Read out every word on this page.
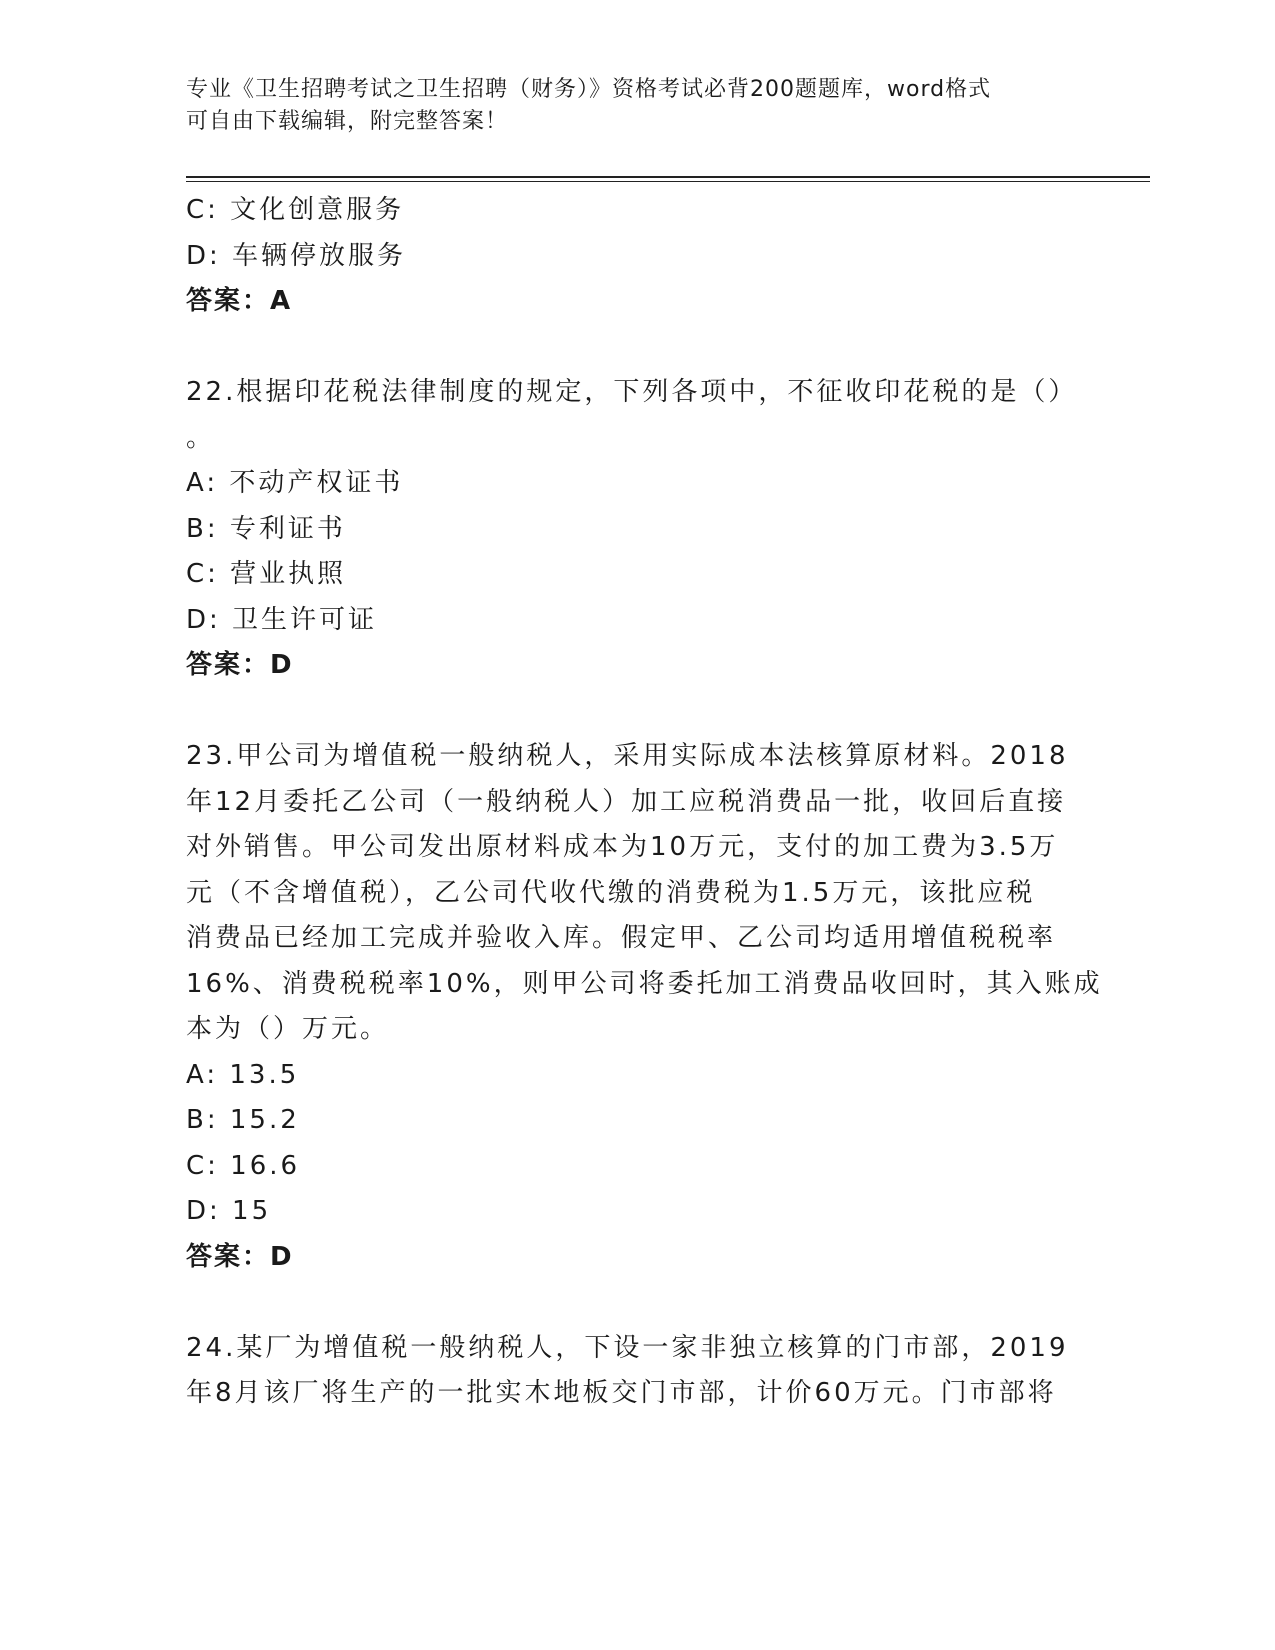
专业《卫生招聘考试之卫生招聘（财务）》资格考试必背200题题库，word格式
可自由下载编辑，附完整答案！
C: 文化创意服务
D: 车辆停放服务
答案：A
22.根据印花税法律制度的规定，下列各项中，不征收印花税的是（）
。
A: 不动产权证书
B: 专利证书
C: 营业执照
D: 卫生许可证
答案：D
23.甲公司为增值税一般纳税人，采用实际成本法核算原材料。2018
年12月委托乙公司（一般纳税人）加工应税消费品一批，收回后直接
对外销售。甲公司发出原材料成本为10万元，支付的加工费为3.5万
元（不含增值税），乙公司代收代缴的消费税为1.5万元，该批应税
消费品已经加工完成并验收入库。假定甲、乙公司均适用增值税税率
16%、消费税税率10%，则甲公司将委托加工消费品收回时，其入账成
本为（）万元。
A: 13.5
B: 15.2
C: 16.6
D: 15
答案：D
24.某厂为增值税一般纳税人，下设一家非独立核算的门市部，2019
年8月该厂将生产的一批实木地板交门市部，计价60万元。门市部将
